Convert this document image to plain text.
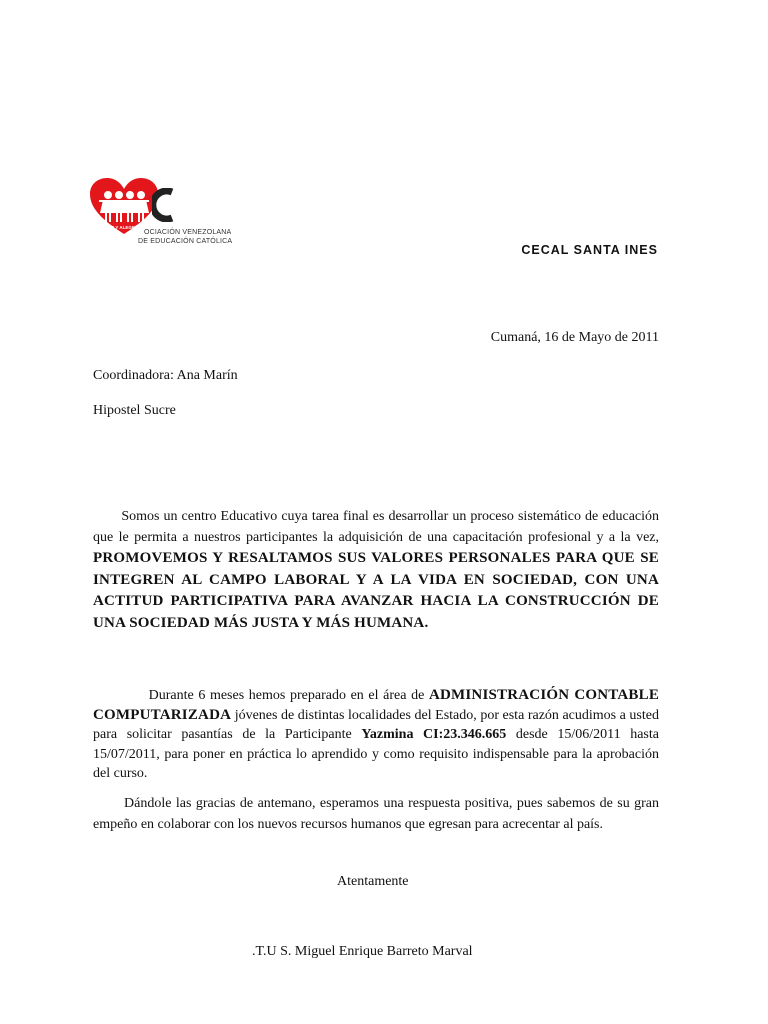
FE Y ALEGRÍA
OCIACIÓN VENEZOLANA
DE EDUCACIÓN CATÓLICA
CECAL SANTA INES
Cumaná, 16 de Mayo de 2011
Coordinadora: Ana Marín
Hipostel Sucre
Somos un centro Educativo cuya tarea final es desarrollar un proceso sistemático de educación que le permita a nuestros participantes la adquisición de una capacitación profesional y a la vez, PROMOVEMOS Y RESALTAMOS SUS VALORES PERSONALES PARA QUE SE INTEGREN AL CAMPO LABORAL Y A LA VIDA EN SOCIEDAD, CON UNA ACTITUD PARTICIPATIVA PARA AVANZAR HACIA LA CONSTRUCCIÓN DE UNA SOCIEDAD MÁS JUSTA Y MÁS HUMANA.
Durante 6 meses hemos preparado en el área de ADMINISTRACIÓN CONTABLE COMPUTARIZADA jóvenes de distintas localidades del Estado, por esta razón acudimos a usted para solicitar pasantías de la Participante Yazmina CI:23.346.665 desde 15/06/2011 hasta 15/07/2011, para poner en práctica lo aprendido y como requisito indispensable para la aprobación del curso.
Dándole las gracias de antemano, esperamos una respuesta positiva, pues sabemos de su gran empeño en colaborar con los nuevos recursos humanos que egresan para acrecentar al país.
Atentamente
.T.U S. Miguel Enrique Barreto Marval
